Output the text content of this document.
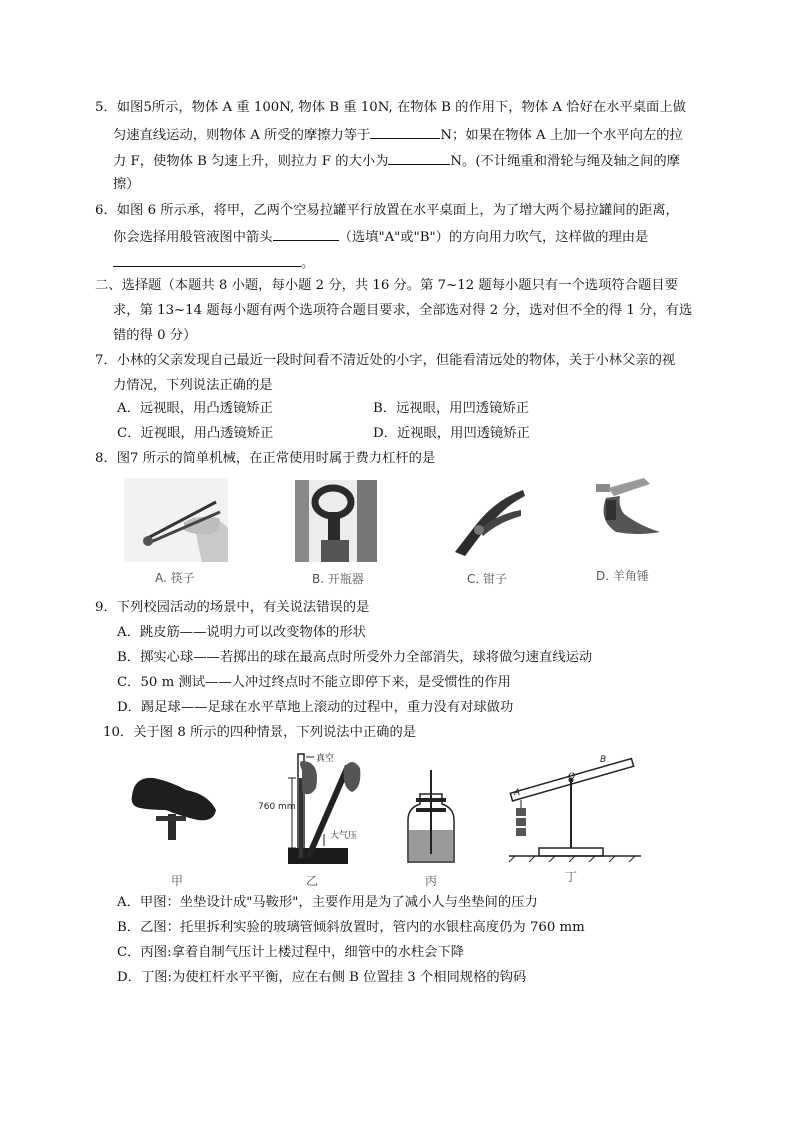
5．如图5所示，物体 A 重 100N, 物体 B 重 10N, 在物体 B 的作用下，物体 A 恰好在水平桌面上做
匀速直线运动，则物体 A 所受的摩擦力等于	N；如果在物体 A 上加一个水平向左的拉
力 F，使物体 B 匀速上升，则拉力 F 的大小为	N。(不计绳重和滑轮与绳及轴之间的摩
擦）
6．如图 6 所示承，将甲，乙两个空易拉罐平行放置在水平桌面上，为了增大两个易拉罐间的距离，
你会选择用般管液图中箭头	（选填"A"或"B"）的方向用力吹气，这样做的理由是
。
二、选择题（本题共 8 小题，每小题 2 分，共 16 分。第 7~12 题每小题只有一个选项符合题目要
求，第 13~14 题每小题有两个选项符合题目要求，全部选对得 2 分，选对但不全的得 1 分，有选
错的得 0 分）
7．小林的父亲发现自己最近一段时间看不清近处的小字，但能看清远处的物体，关于小林父亲的视
力情况，下列说法正确的是
A．远视眼，用凸透镜矫正	B．远视眼，用凹透镜矫正
C．近视眼，用凸透镜矫正	D．近视眼，用凹透镜矫正
8．图7 所示的简单机械，在正常使用时属于费力杠杆的是
A. 筷子	B. 开瓶器	C. 钳子	D. 羊角锤
9．下列校园活动的场景中，有关说法错误的是
A．跳皮筋——说明力可以改变物体的形状
B．掷实心球——若掷出的球在最高点时所受外力全部消失，球将做匀速直线运动
C．50 m 测试——人冲过终点时不能立即停下来，是受惯性的作用
D．踢足球——足球在水平草地上滚动的过程中，重力没有对球做功
10．关于图 8 所示的四种情景，下列说法中正确的是
甲
真空
760 mm
大气压
乙	丙
A
O
B
丁
A．甲图：坐垫设计成"马鞍形"，主要作用是为了减小人与坐垫间的压力
B．乙图：托里拆利实验的玻璃管倾斜放置时，管内的水银柱高度仍为 760 mm
C．丙图:拿着自制气压计上楼过程中，细管中的水柱会下降
D．丁图:为使杠杆水平平衡，应在右侧 B 位置挂 3 个相同规格的钩码
